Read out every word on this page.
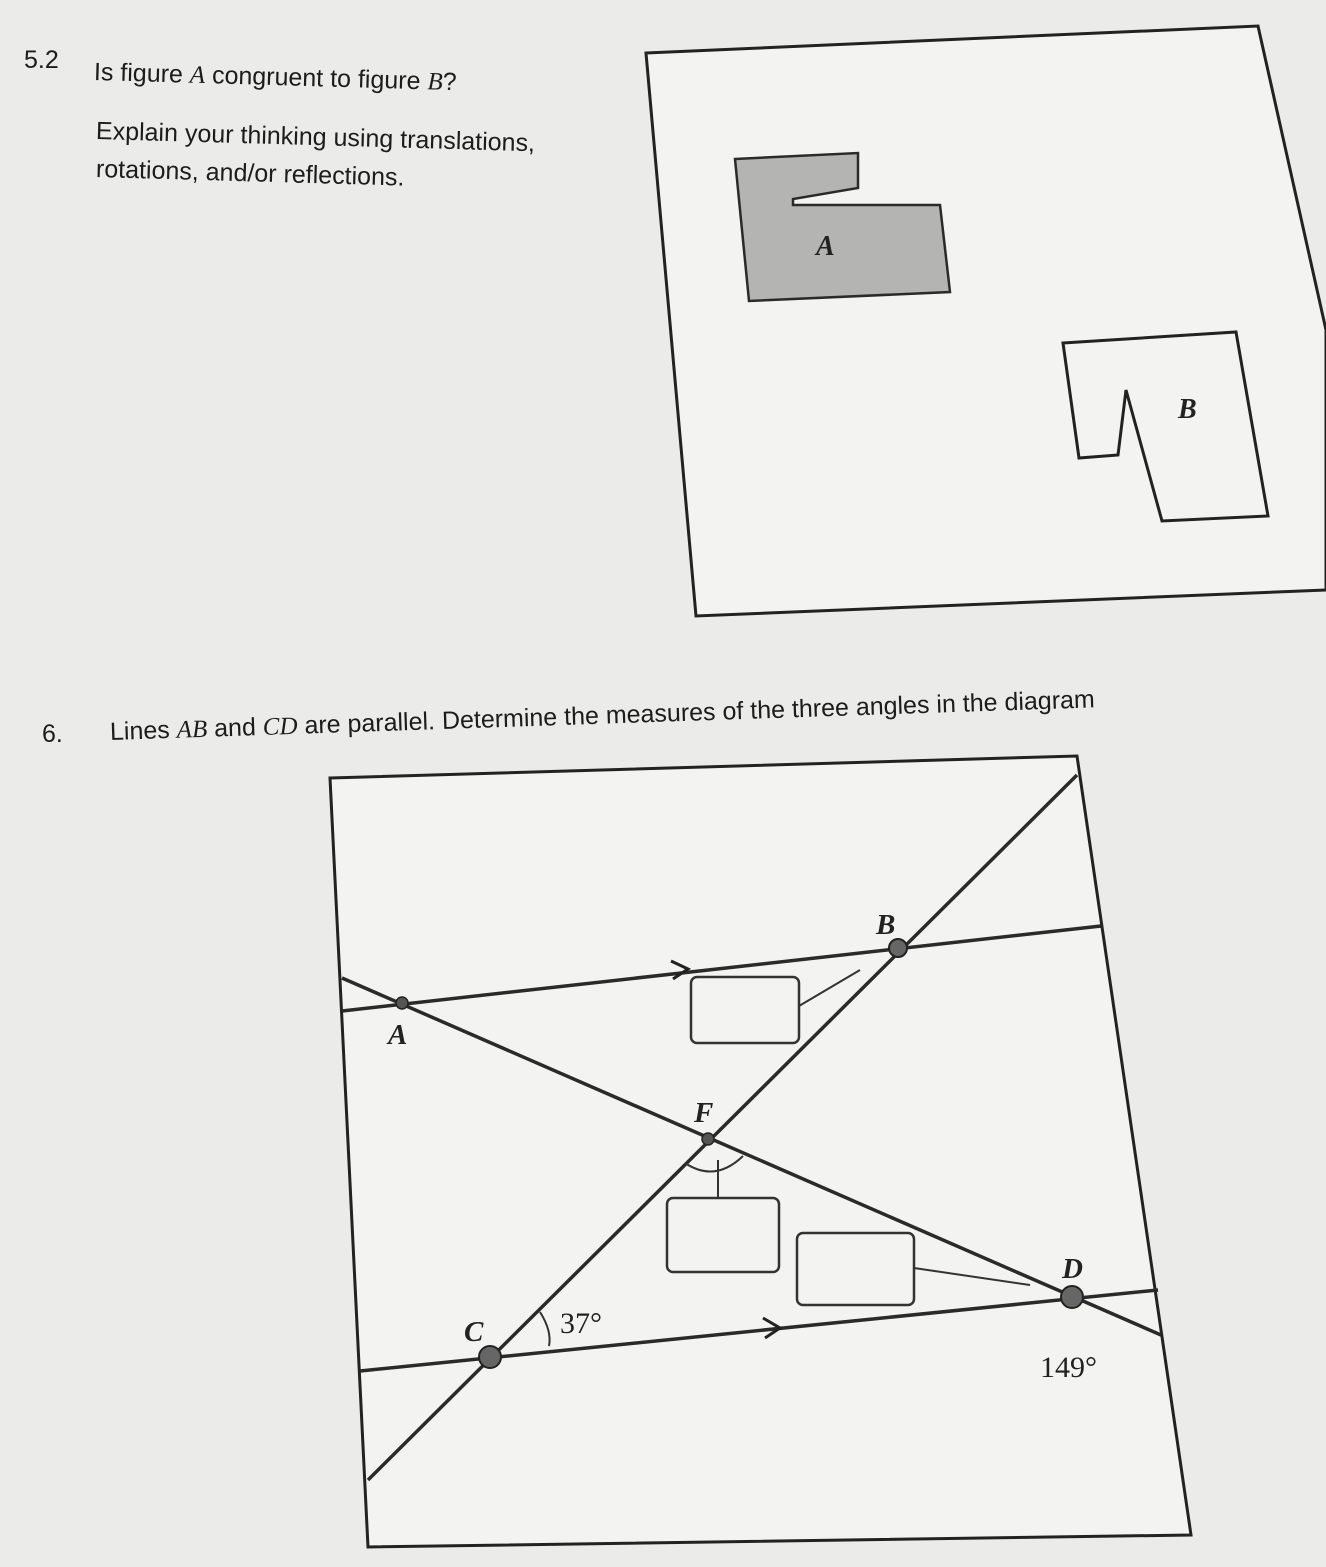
5.2 Is figure A congruent to figure B?
Explain your thinking using translations,
rotations, and/or reflections.
6. Lines AB and CD are parallel. Determine the measures of the three angles in the diagram
A
B
A
B
F
C
D
37°
149°
